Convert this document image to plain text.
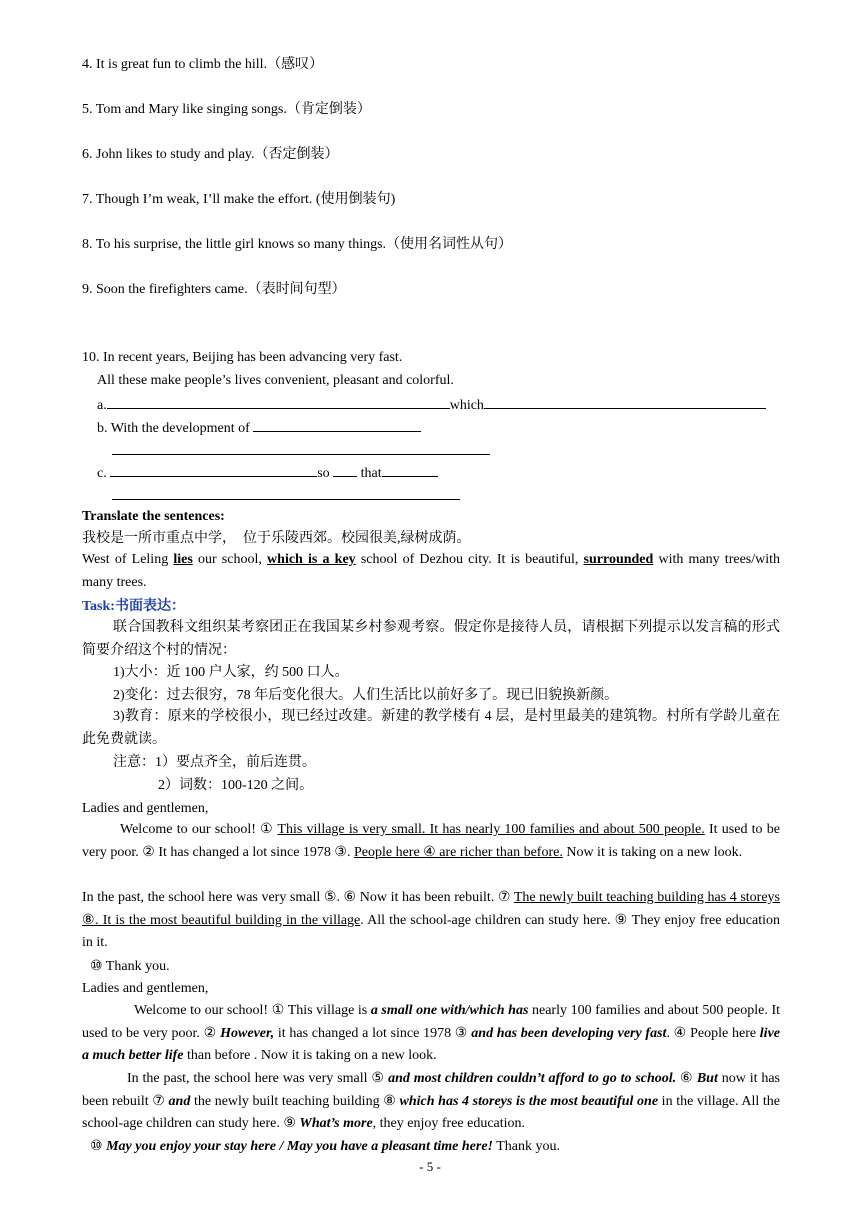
4. It is great fun to climb the hill.（感叹）
5. Tom and Mary like singing songs.（肯定倒装）
6. John likes to study and play.（否定倒装）
7. Though I’m weak, I’ll make the effort. (使用倒装句)
8. To his surprise, the little girl knows so many things.（使用名词性从句）
9. Soon the firefighters came.（表时间句型）
10. In recent years, Beijing has been advancing very fast.
All these make people’s lives convenient, pleasant and colorful.
a.	which
b. With the development of
c.	so that
Translate the sentences:
我校是一所市重点中学，　位于乐陵西郊。校园很美,绿树成荫。
West of Leling lies our school, which is a key school of Dezhou city. It is beautiful, surrounded with many trees/with many trees.
Task:书面表达：
联合国教科文组织某考察团正在我国某乡村参观考察。假定你是接待人员，请根据下列提示以发言稿的形式简要介绍这个村的情况：
1)大小：近 100 户人家，约 500 口人。
2)变化：过去很穷，78 年后变化很大。人们生活比以前好多了。现已旧貌换新颜。
3)教育：原来的学校很小，现已经过改建。新建的教学楼有 4 层，是村里最美的建筑物。村所有学龄儿童在此免费就读。
注意：1）要点齐全，前后连贯。
2）词数：100-120 之间。
Ladies and gentlemen,
Welcome to our school! ① This village is very small. It has nearly 100 families and about 500 people. It used to be very poor. ② It has changed a lot since 1978 ③. People here ④ are richer than before. Now it is taking on a new look.
In the past, the school here was very small ⑤. ⑥ Now it has been rebuilt. ⑦ The newly built teaching building has 4 storeys ⑧. It is the most beautiful building in the village. All the school-age children can study here. ⑨ They enjoy free education in it.
⑩ Thank you.
Ladies and gentlemen,
Welcome to our school! ① This village is a small one with/which has nearly 100 families and about 500 people. It used to be very poor. ② However, it has changed a lot since 1978 ③ and has been developing very fast. ④ People here live a much better life than before . Now it is taking on a new look.
In the past, the school here was very small ⑤ and most children couldn’t afford to go to school. ⑥ But now it has been rebuilt ⑦ and the newly built teaching building ⑧ which has 4 storeys is the most beautiful one in the village. All the school-age children can study here. ⑨ What’s more, they enjoy free education.
⑩ May you enjoy your stay here / May you have a pleasant time here! Thank you.
- 5 -
